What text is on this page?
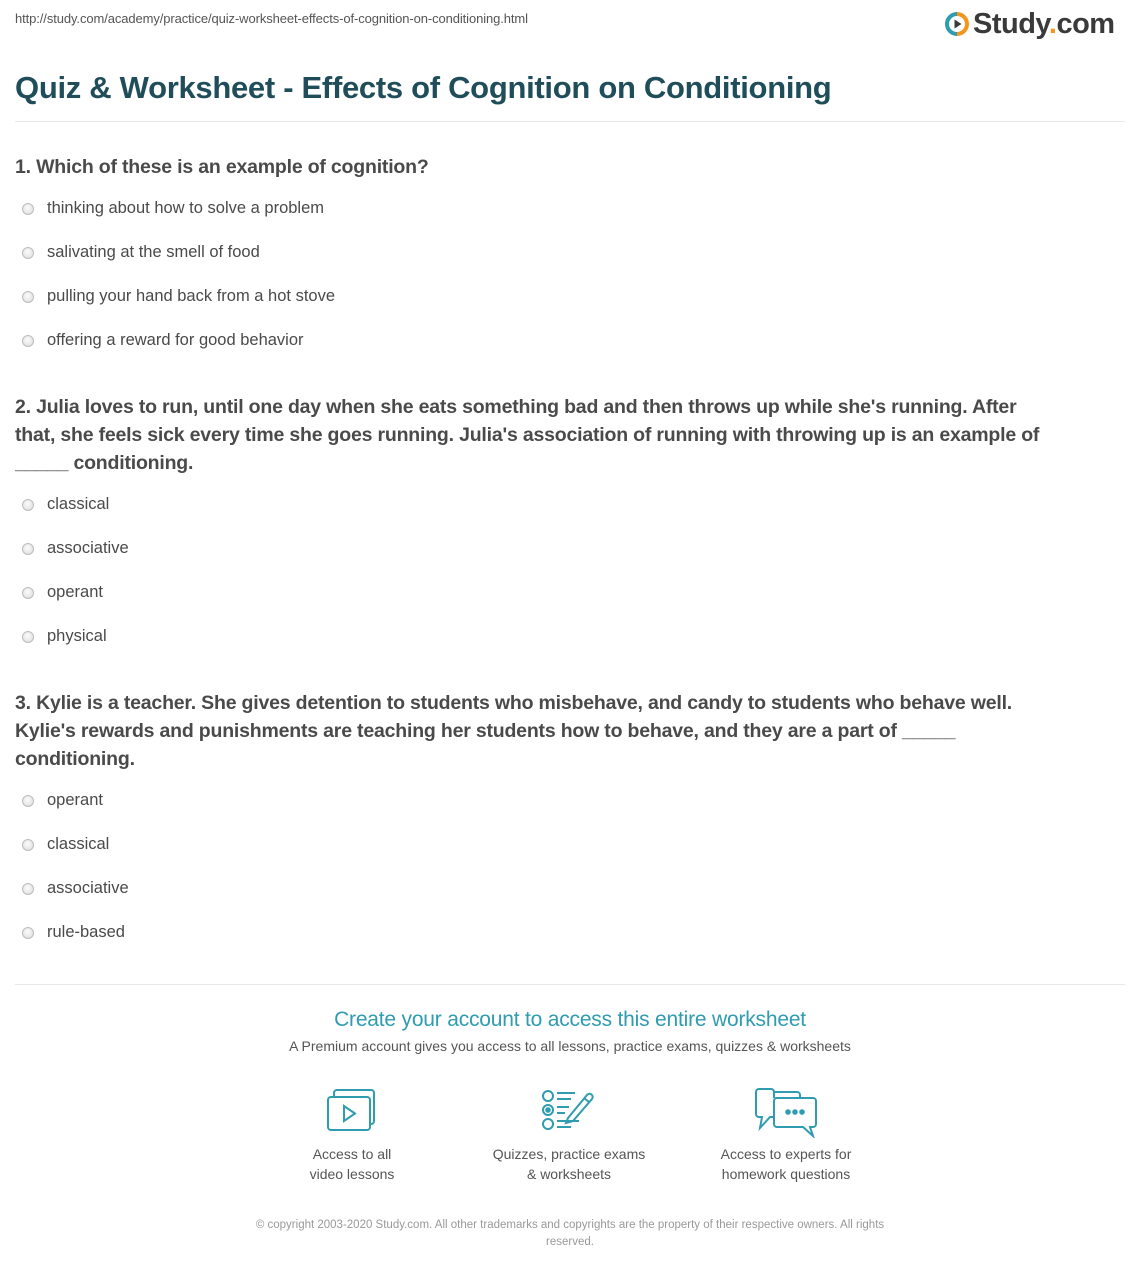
http://study.com/academy/practice/quiz-worksheet-effects-of-cognition-on-conditioning.html	Study.com
Quiz & Worksheet - Effects of Cognition on Conditioning
1. Which of these is an example of cognition?
thinking about how to solve a problem
salivating at the smell of food
pulling your hand back from a hot stove
offering a reward for good behavior
2. Julia loves to run, until one day when she eats something bad and then throws up while she's running. After
that, she feels sick every time she goes running. Julia's association of running with throwing up is an example of
_____ conditioning.
classical
associative
operant
physical
3. Kylie is a teacher. She gives detention to students who misbehave, and candy to students who behave well.
Kylie's rewards and punishments are teaching her students how to behave, and they are a part of _____
conditioning.
operant
classical
associative
rule-based
Create your account to access this entire worksheet
A Premium account gives you access to all lessons, practice exams, quizzes & worksheets
Access to all
video lessons
Quizzes, practice exams
& worksheets
Access to experts for
homework questions
© copyright 2003-2020 Study.com. All other trademarks and copyrights are the property of their respective owners. All rights
reserved.
